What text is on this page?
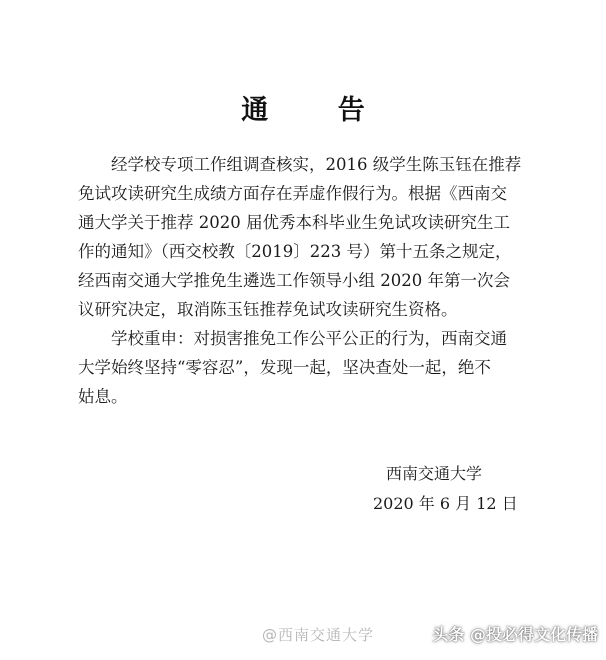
通 告
经学校专项工作组调查核实，2016 级学生陈玉钰在推荐
免试攻读研究生成绩方面存在弄虚作假行为。根据《西南交
通大学关于推荐 2020 届优秀本科毕业生免试攻读研究生工
作的通知》（西交校教〔2019〕223 号）第十五条之规定，
经西南交通大学推免生遴选工作领导小组 2020 年第一次会
议研究决定，取消陈玉钰推荐免试攻读研究生资格。
学校重申：对损害推免工作公平公正的行为，西南交通
大学始终坚持“零容忍”，发现一起，坚决查处一起，绝不
姑息。
西南交通大学
2020 年 6 月 12 日
@西南交通大学	头条 @投必得文化传播
